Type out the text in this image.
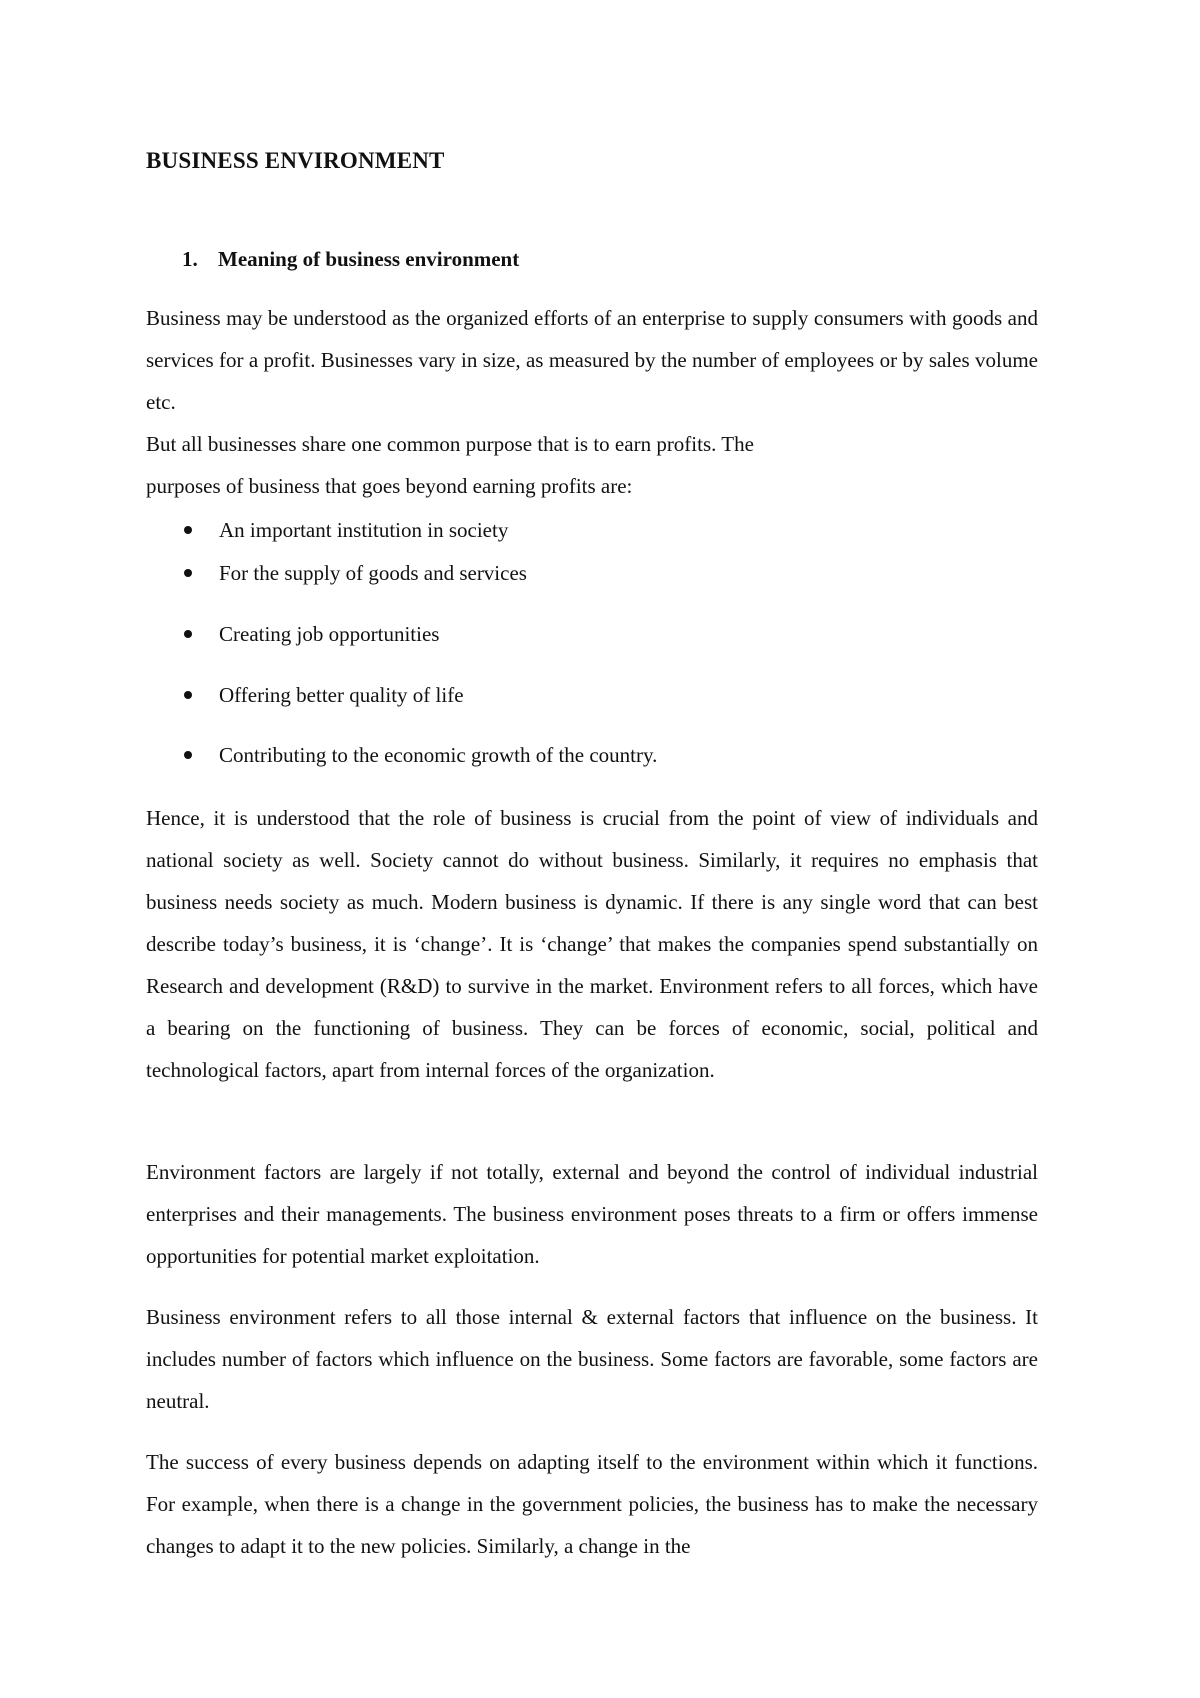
BUSINESS ENVIRONMENT
1. Meaning of business environment

Business may be understood as the organized efforts of an enterprise to supply consumers with goods and services for a profit. Businesses vary in size, as measured by the number of employees or by sales volume etc.

But all businesses share one common purpose that is to earn profits. The

purposes of business that goes beyond earning profits are:

An important institution in society
For the supply of goods and services
Creating job opportunities
Offering better quality of life
Contributing to the economic growth of the country.

Hence, it is understood that the role of business is crucial from the point of view of individuals and national society as well. Society cannot do without business. Similarly, it requires no emphasis that business needs society as much. Modern business is dynamic. If there is any single word that can best describe today’s business, it is ‘change’. It is ‘change’ that makes the companies spend substantially on Research and development (R&D) to survive in the market. Environment refers to all forces, which have a bearing on the functioning of business. They can be forces of economic, social, political and technological factors, apart from internal forces of the organization.

Environment factors are largely if not totally, external and beyond the control of individual industrial enterprises and their managements. The business environment poses threats to a firm or offers immense opportunities for potential market exploitation.

Business environment refers to all those internal & external factors that influence on the business. It includes number of factors which influence on the business. Some factors are favorable, some factors are neutral.

The success of every business depends on adapting itself to the environment within which it functions. For example, when there is a change in the government policies, the business has to make the necessary changes to adapt it to the new policies. Similarly, a change in the
